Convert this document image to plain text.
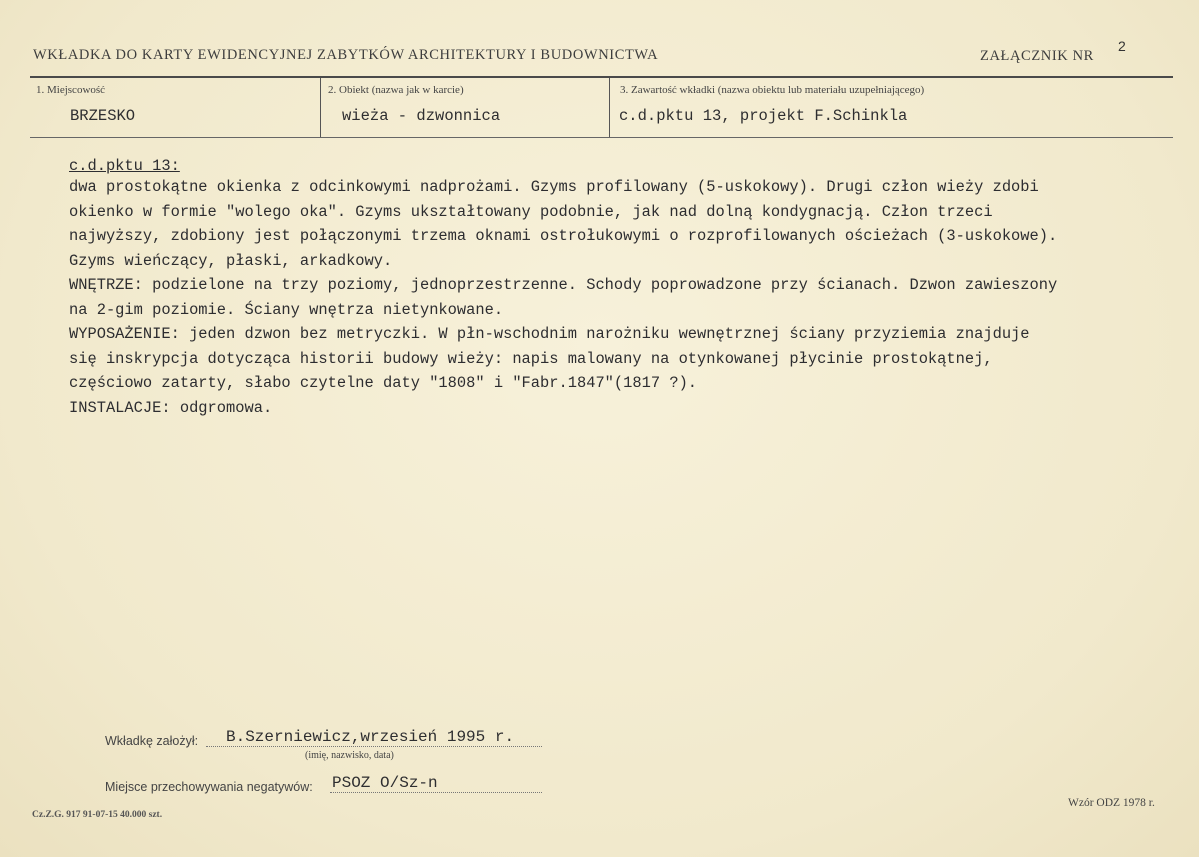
WKŁADKA DO KARTY EWIDENCYJNEJ ZABYTKÓW ARCHITEKTURY I BUDOWNICTWA	ZAŁĄCZNIK NR
2
1. Miejscowość
BRZESKO
2. Obiekt (nazwa jak w karcie)
wieża - dzwonnica
3. Zawartość wkładki (nazwa obiektu lub materiału uzupełniającego)
c.d.pktu 13, projekt F.Schinkla
c.d.pktu 13:
dwa prostokątne okienka z odcinkowymi nadprożami. Gzyms profilowany (5-uskokowy). Drugi człon wieży zdobi
okienko w formie "wolego oka". Gzyms ukształtowany podobnie, jak nad dolną kondygnacją. Człon trzeci
najwyższy, zdobiony jest połączonymi trzema oknami ostrołukowymi o rozprofilowanych ościeżach (3-uskokowe).
Gzyms wieńczący, płaski, arkadkowy.
WNĘTRZE: podzielone na trzy poziomy, jednoprzestrzenne. Schody poprowadzone przy ścianach. Dzwon zawieszony
na 2-gim poziomie. Ściany wnętrza nietynkowane.
WYPOSAŻENIE: jeden dzwon bez metryczki. W płn-wschodnim narożniku wewnętrznej ściany przyziemia znajduje
się inskrypcja dotycząca historii budowy wieży: napis malowany na otynkowanej płycinie prostokątnej,
częściowo zatarty, słabo czytelne daty "1808" i "Fabr.1847"(1817 ?).
INSTALACJE: odgromowa.
Wkładkę założył: B.Szerniewicz,wrzesień 1995 r.
(imię, nazwisko, data)
Miejsce przechowywania negatywów: PSOZ O/Sz-n
Cz.Z.G. 917 91-07-15 40.000 szt.
Wzór ODZ 1978 r.
